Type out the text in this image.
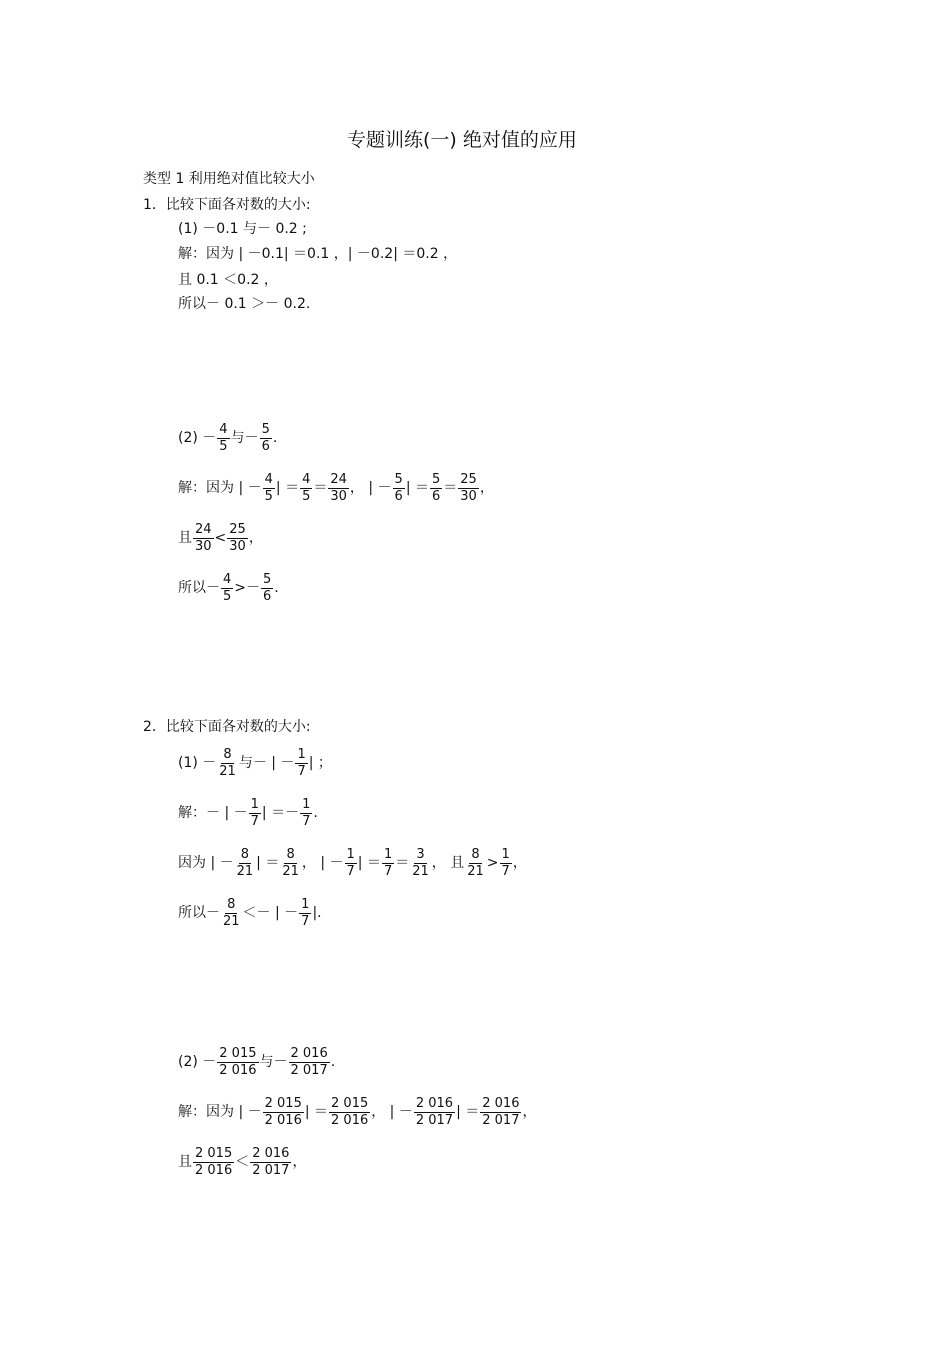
专题训练(一) 绝对值的应用
类型 1 利用绝对值比较大小
1．比较下面各对数的大小:
(1) －0.1 与－ 0.2 ;
解：因为 | －0.1| ＝0.1 ，| －0.2| ＝0.2 ，
且 0.1 ＜0.2 ，
所以－ 0.1 ＞－ 0.2.
$(2) - \frac{4}{5}$ 与－ $\frac{5}{6}$ .
解：因为 | － $\frac{4}{5}$ | ＝ $\frac{4}{5} = \frac{24}{30}$ ， | － $\frac{5}{6}$ | ＝ $\frac{5}{6} = \frac{25}{30}$ ，
且 $\frac{24}{30} < \frac{25}{30}$ ，
所以－ $\frac{4}{5} >- \frac{5}{6}$ .
2．比较下面各对数的大小:
$(1) - \frac{8}{21}$ 与－ | － $\frac{1}{7}$ | ；
解：－ | － $\frac{1}{7}$ | ＝－ $\frac{1}{7}$ .
因为 | － $\frac{8}{21}$ | ＝ $\frac{8}{21}$ ， | － $\frac{1}{7}$ | ＝ $\frac{1}{7} = \frac{3}{21}$ ， 且 $\frac{8}{21} > \frac{1}{7}$ ，
所以－ $\frac{8}{21}$ ＜－ | － $\frac{1}{7}$ |.
$(2) - \frac{2 015}{2 016}$ 与－ $\frac{2 016}{2 017}$ .
解：因为 | － $\frac{2 015}{2 016}$ | ＝ $\frac{2 015}{2 016}$ ， | － $\frac{2 016}{2 017}$ | ＝ $\frac{2 016}{2 017}$ ，
且 $\frac{2 015}{2 016} < \frac{2 016}{2 017}$ ，
